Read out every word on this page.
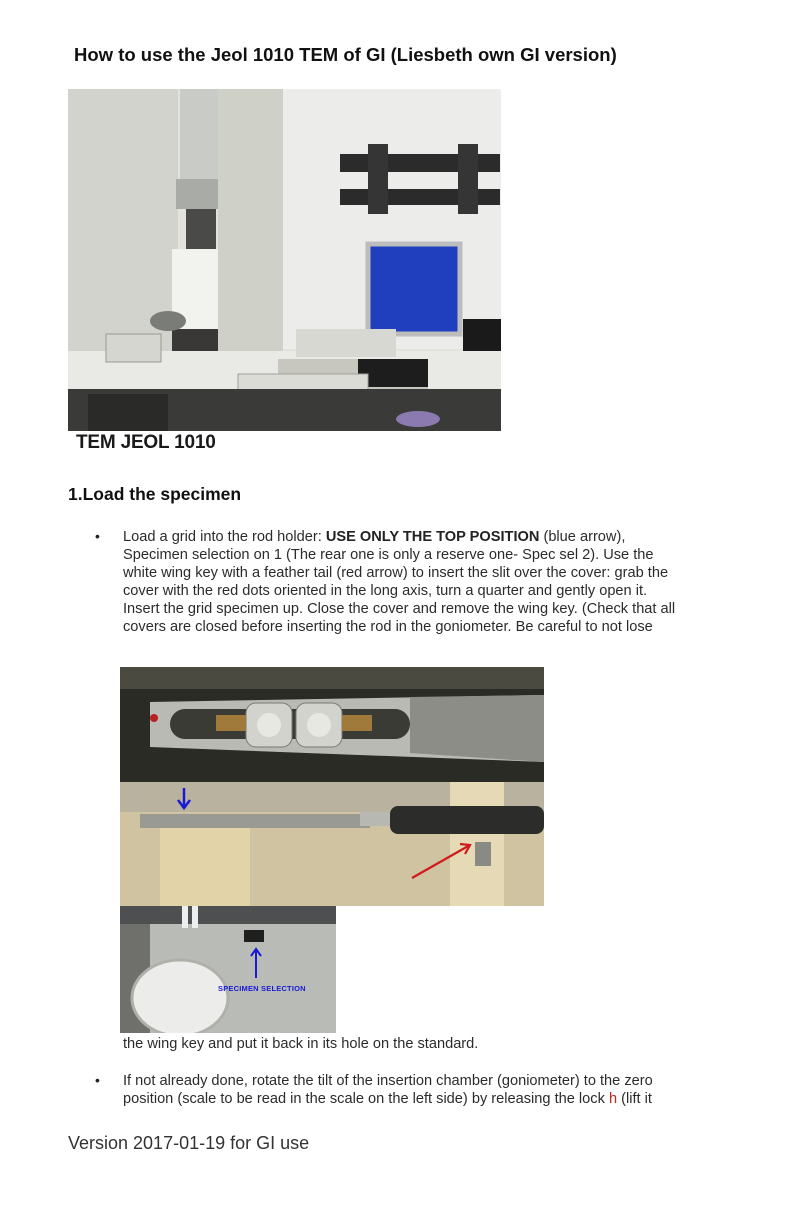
How to use the Jeol 1010 TEM of GI (Liesbeth own GI version)
TEM JEOL 1010
1.Load the specimen
• Load a grid into the rod holder: USE ONLY THE TOP POSITION (blue arrow),
Specimen selection on 1 (The rear one is only a reserve one- Spec sel 2). Use the
white wing key with a feather tail (red arrow) to insert the slit over the cover: grab the
cover with the red dots oriented in the long axis, turn a quarter and gently open it.
Insert the grid specimen up. Close the cover and remove the wing key. (Check that all
covers are closed before inserting the rod in the goniometer. Be careful to not lose
SPECIMEN SELECTION
the wing key and put it back in its hole on the standard.
• If not already done, rotate the tilt of the insertion chamber (goniometer) to the zero
position (scale to be read in the scale on the left side) by releasing the lock h (lift it
Version 2017-01-19 for GI use
